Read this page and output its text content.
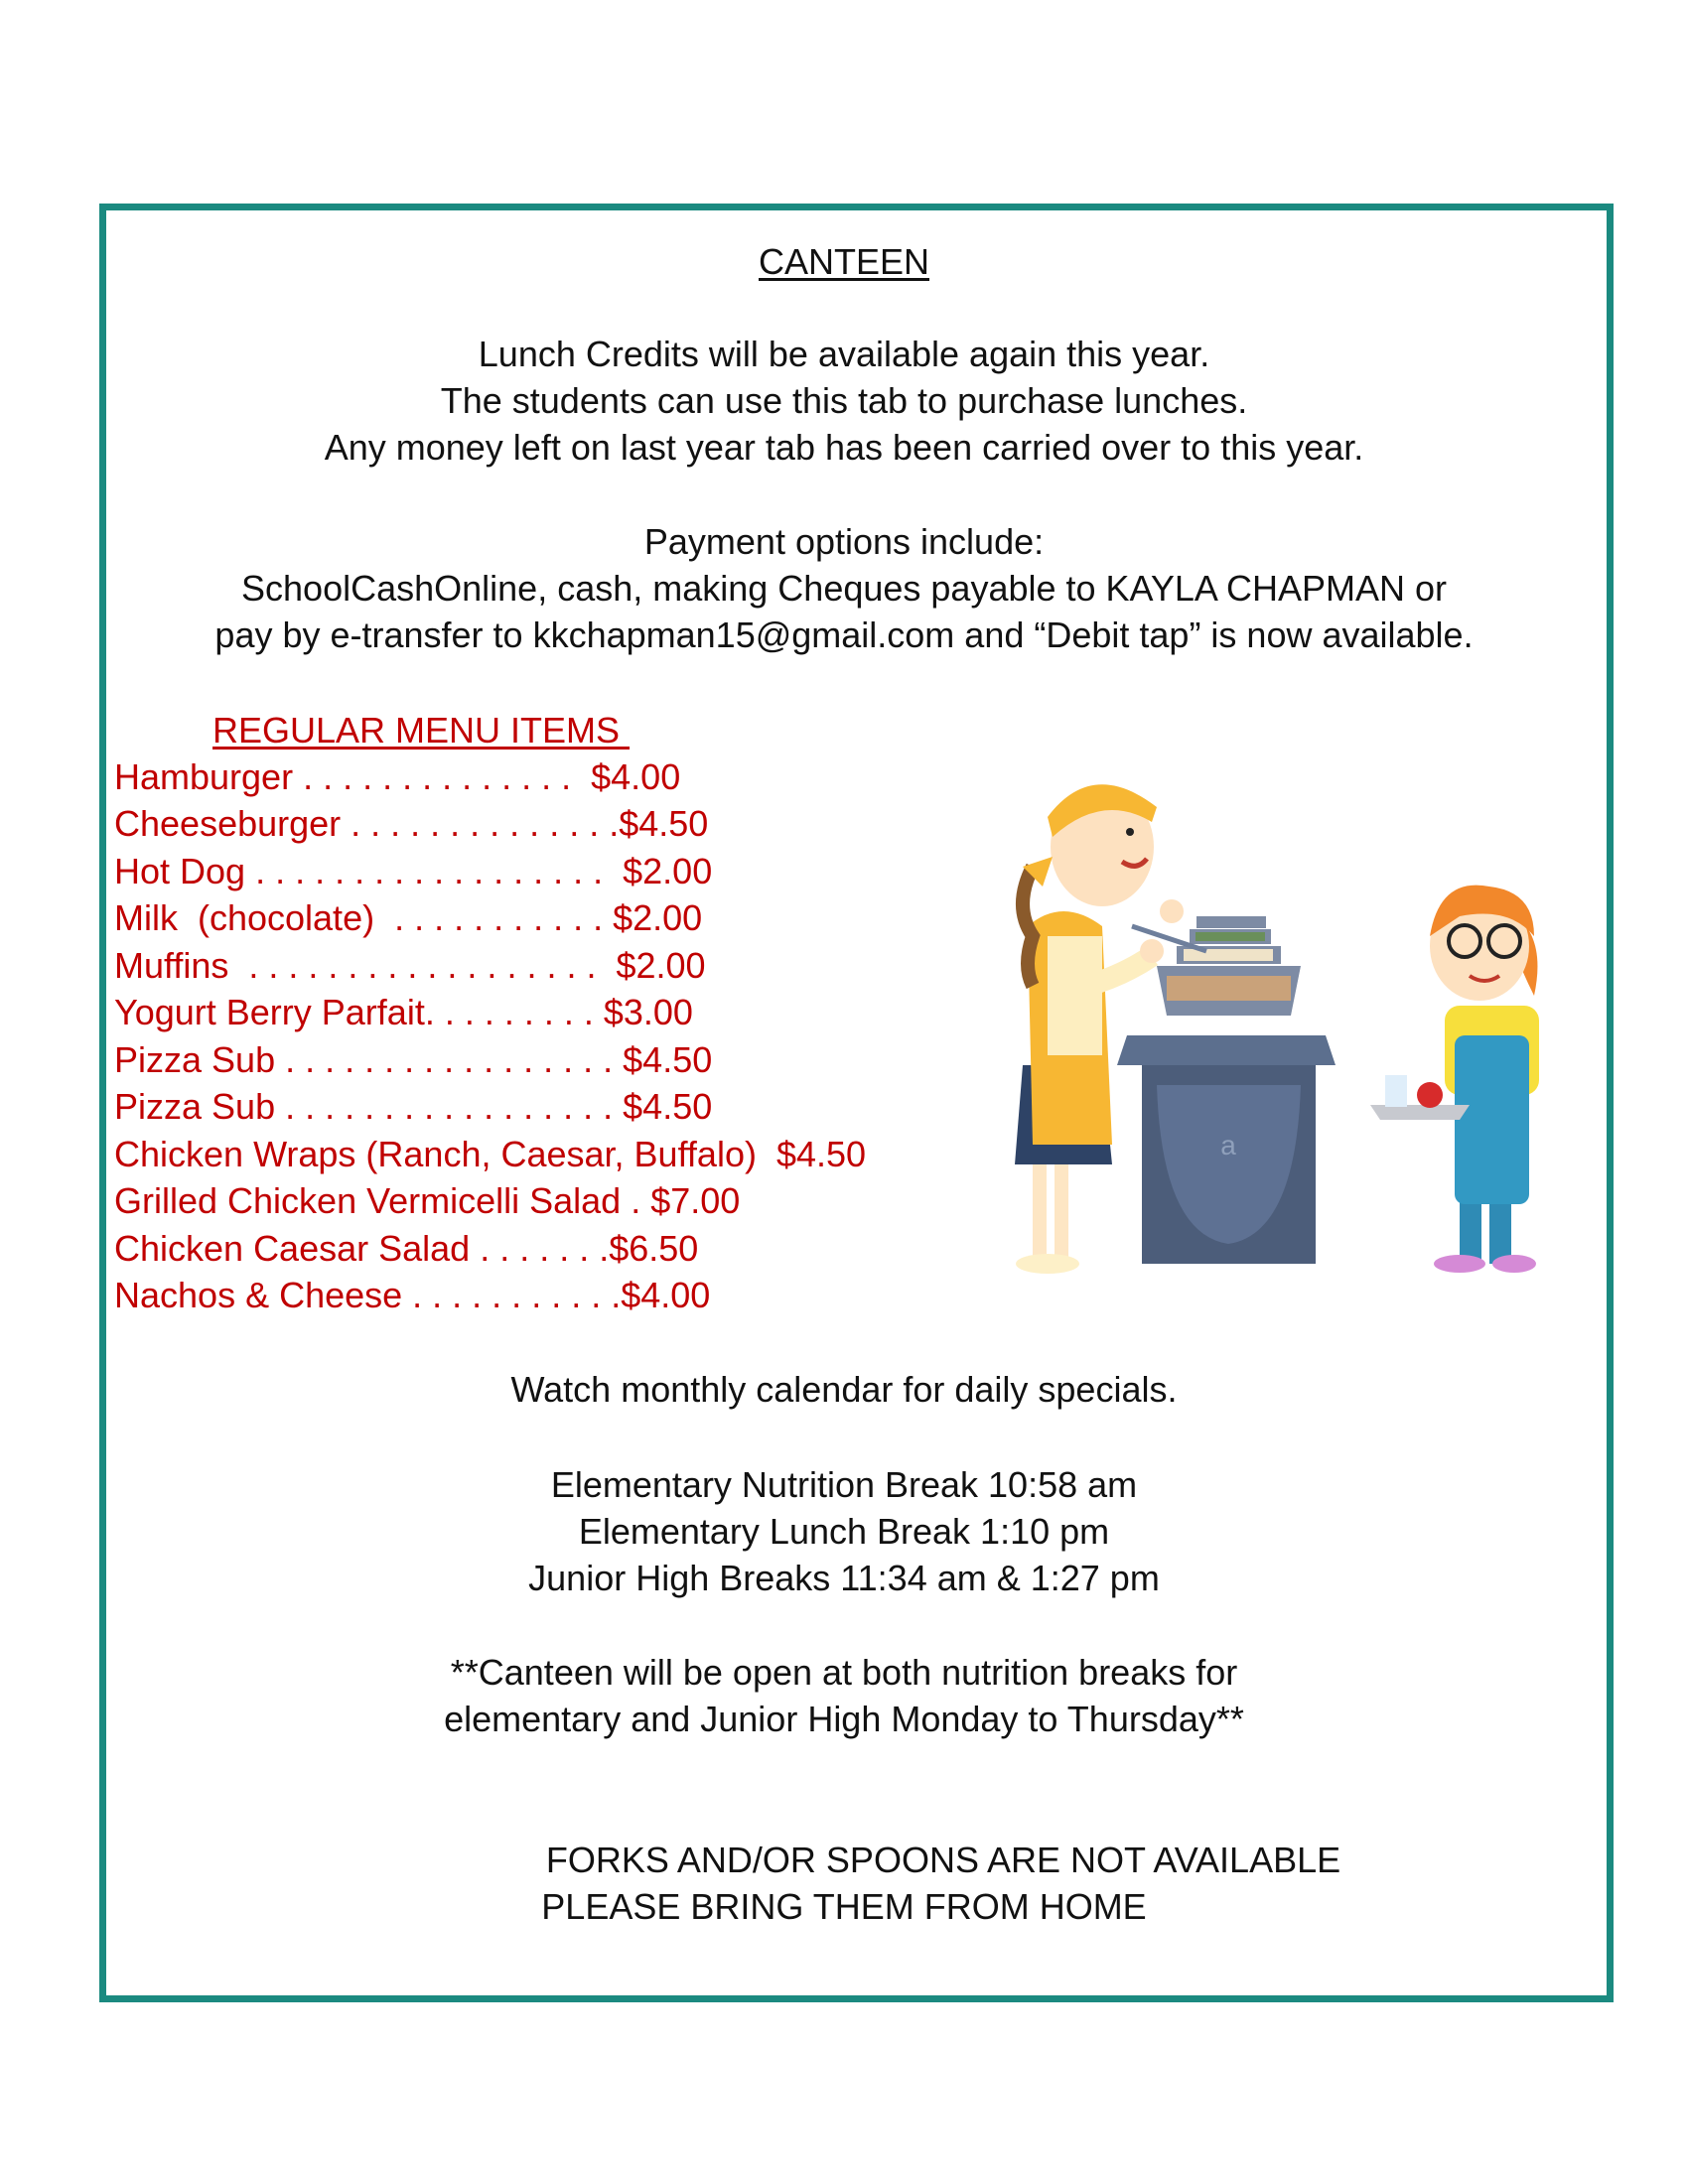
CANTEEN
Lunch Credits will be available again this year.
The students can use this tab to purchase lunches.
Any money left on last year tab has been carried over to this year.
Payment options include:
SchoolCashOnline, cash, making Cheques payable to KAYLA CHAPMAN or
pay by e-transfer to kkchapman15@gmail.com and “Debit tap” is now available.
REGULAR MENU ITEMS
Hamburger . . . . . . . . . . . . . .  $4.00
Cheeseburger . . . . . . . . . . . . . .$4.50
Hot Dog . . . . . . . . . . . . . . . . . .  $2.00
Milk  (chocolate)  . . . . . . . . . . . $2.00
Muffins  . . . . . . . . . . . . . . . . . .  $2.00
Yogurt Berry Parfait. . . . . . . . . $3.00
Pizza Sub . . . . . . . . . . . . . . . . . $4.50
Pizza Sub . . . . . . . . . . . . . . . . . $4.50
Chicken Wraps (Ranch, Caesar, Buffalo)  $4.50
Grilled Chicken Vermicelli Salad . $7.00
Chicken Caesar Salad . . . . . . .$6.50
Nachos & Cheese . . . . . . . . . . .$4.00
a
Watch monthly calendar for daily specials.
Elementary Nutrition Break 10:58 am
Elementary Lunch Break 1:10 pm
Junior High Breaks 11:34 am & 1:27 pm
**Canteen will be open at both nutrition breaks for
elementary and Junior High Monday to Thursday**
FORKS AND/OR SPOONS ARE NOT AVAILABLE
PLEASE BRING THEM FROM HOME
